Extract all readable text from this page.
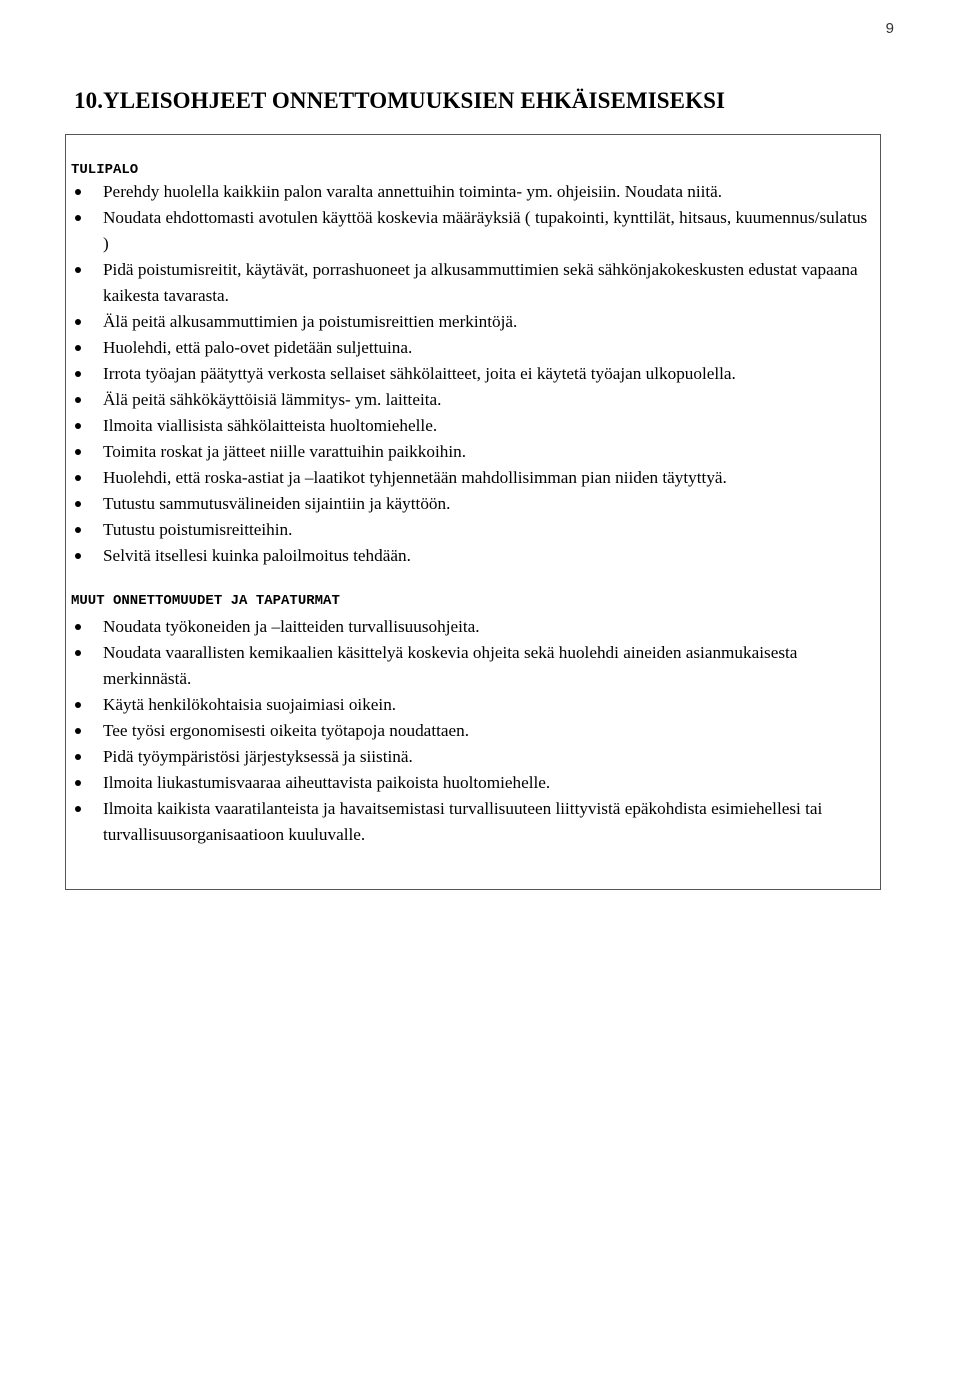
9
10.YLEISOHJEET ONNETTOMUUKSIEN EHKÄISEMISEKSI
TULIPALO
Perehdy huolella kaikkiin palon varalta annettuihin toiminta- ym. ohjeisiin. Noudata niitä.
Noudata ehdottomasti avotulen käyttöä koskevia määräyksiä ( tupakointi, kynttilät, hitsaus, kuumennus/sulatus )
Pidä poistumisreitit, käytävät, porrashuoneet ja alkusammuttimien sekä sähkönjakokeskusten edustat vapaana kaikesta tavarasta.
Älä peitä alkusammuttimien ja poistumisreittien merkintöjä.
Huolehdi, että palo-ovet pidetään suljettuina.
Irrota työajan päätyttyä verkosta sellaiset sähkölaitteet, joita ei käytetä työajan ulkopuolella.
Älä peitä sähkökäyttöisiä lämmitys- ym. laitteita.
Ilmoita viallisista sähkölaitteista huoltomiehelle.
Toimita roskat ja jätteet niille varattuihin paikkoihin.
Huolehdi, että roska-astiat ja –laatikot tyhjennetään mahdollisimman pian niiden täytyttyä.
Tutustu sammutusvälineiden sijaintiin ja käyttöön.
Tutustu poistumisreitteihin.
Selvitä itsellesi kuinka paloilmoitus tehdään.
MUUT ONNETTOMUUDET JA TAPATURMAT
Noudata työkoneiden ja –laitteiden turvallisuusohjeita.
Noudata vaarallisten kemikaalien käsittelyä koskevia ohjeita sekä huolehdi aineiden asianmukaisesta merkinnästä.
Käytä henkilökohtaisia suojaimiasi oikein.
Tee työsi ergonomisesti oikeita työtapoja noudattaen.
Pidä työympäristösi järjestyksessä ja siistinä.
Ilmoita liukastumisvaaraa aiheuttavista paikoista huoltomiehelle.
Ilmoita kaikista vaaratilanteista ja havaitsemistasi turvallisuuteen liittyvistä epäkohdista esimiehellesi tai turvallisuusorganisaatioon kuuluvalle.
